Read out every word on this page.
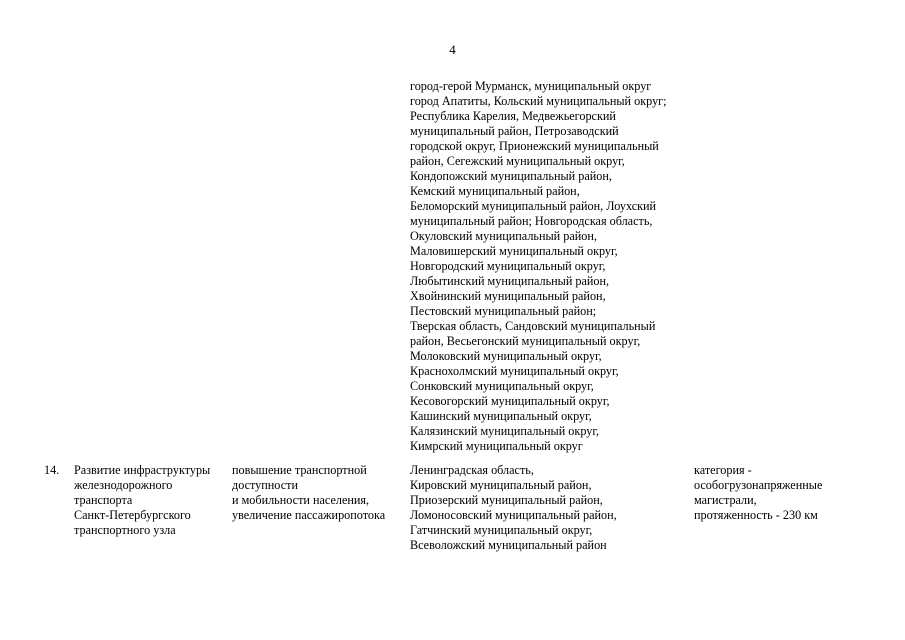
4
город-герой Мурманск, муниципальный округ
город Апатиты, Кольский муниципальный округ;
Республика Карелия, Медвежьегорский
муниципальный район, Петрозаводский
городской округ, Прионежский муниципальный
район, Сегежский муниципальный округ,
Кондопожский муниципальный район,
Кемский муниципальный район,
Беломорский муниципальный район, Лоухский
муниципальный район; Новгородская область,
Окуловский муниципальный район,
Маловишерский муниципальный округ,
Новгородский муниципальный округ,
Любытинский муниципальный район,
Хвойнинский муниципальный район,
Пестовский муниципальный район;
Тверская область, Сандовский муниципальный
район, Весьегонский муниципальный округ,
Молоковский муниципальный округ,
Краснохолмский муниципальный округ,
Сонковский муниципальный округ,
Кесовогорский муниципальный округ,
Кашинский муниципальный округ,
Калязинский муниципальный округ,
Кимрский муниципальный округ
14.	Развитие инфраструктуры
железнодорожного
транспорта
Санкт-Петербургского
транспортного узла
повышение транспортной
доступности
и мобильности населения,
увеличение пассажиропотока
Ленинградская область,
Кировский муниципальный район,
Приозерский муниципальный район,
Ломоносовский муниципальный район,
Гатчинский муниципальный округ,
Всеволожский муниципальный район
категория -
особогрузонапряженные
магистрали,
протяженность - 230 км
